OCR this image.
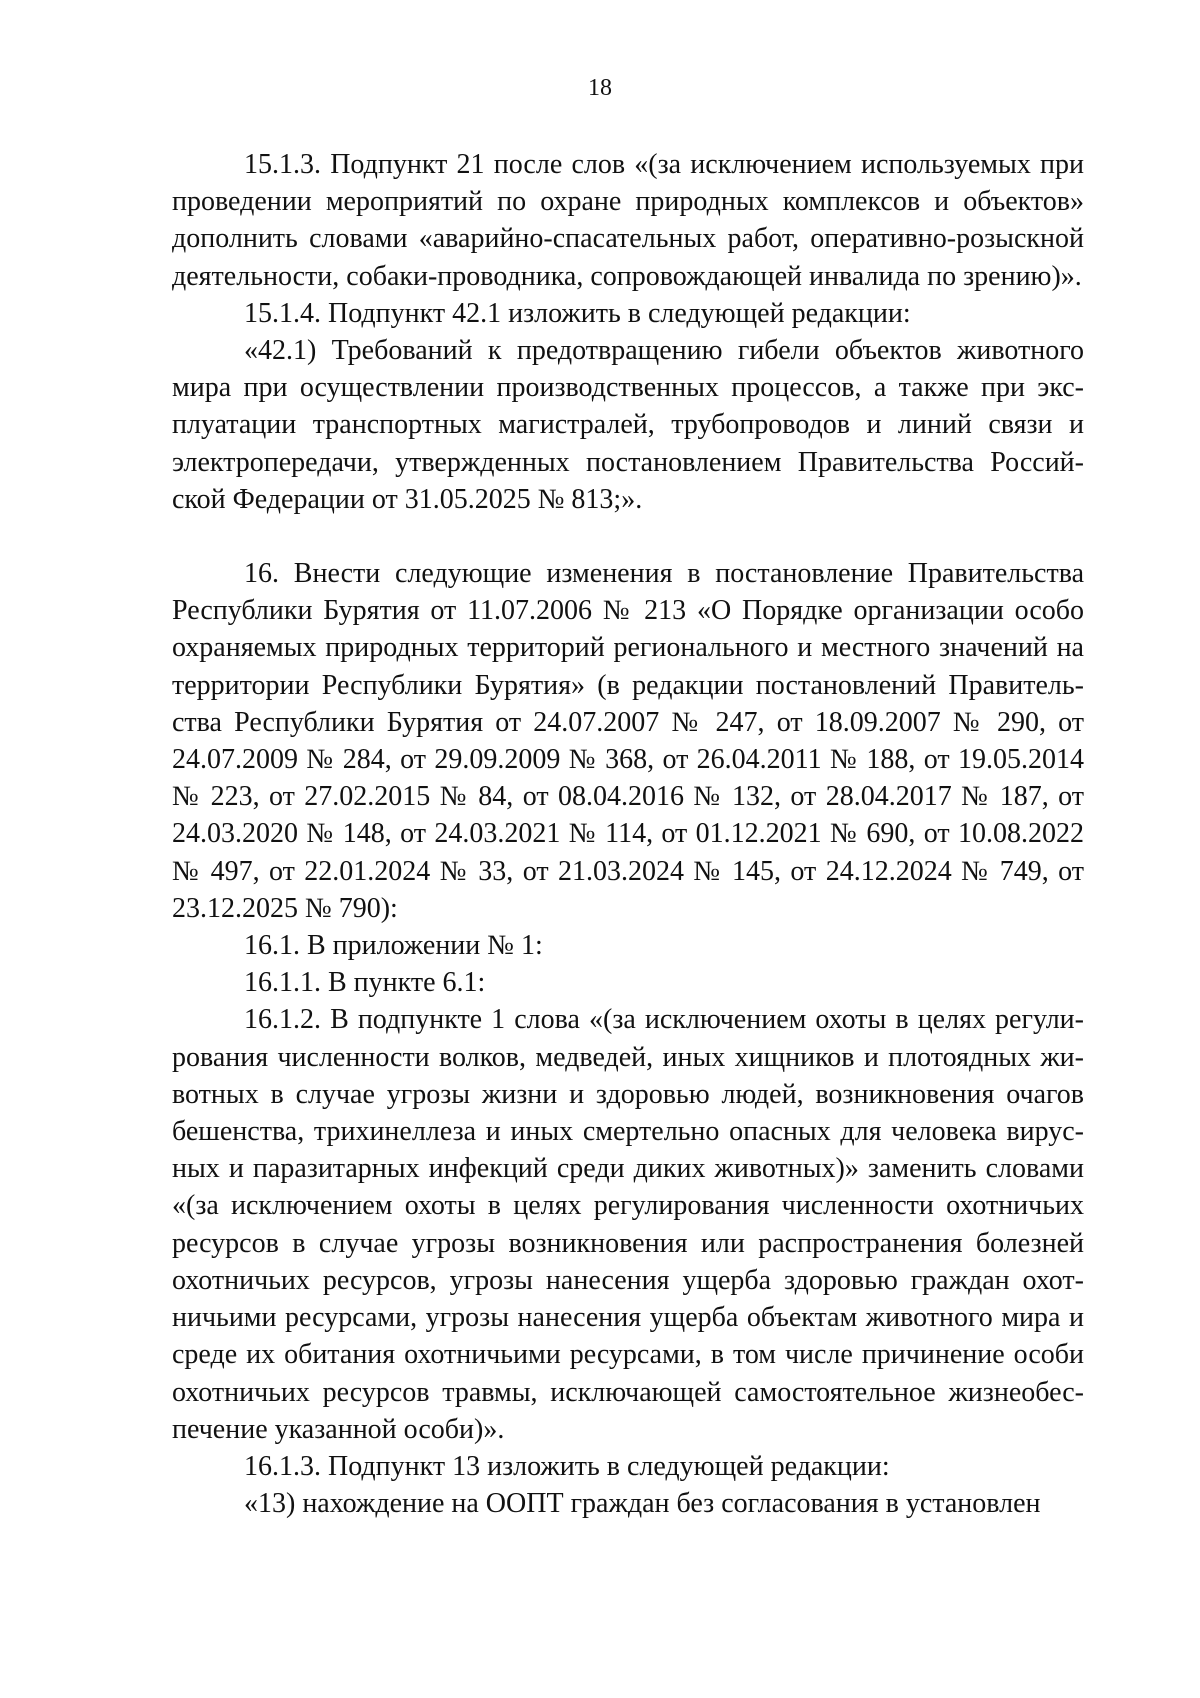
18

15.1.3. Подпункт 21 после слов «(за исключением используемых при проведении мероприятий по охране природных комплексов и объектов» дополнить словами «аварийно-спасательных работ, оперативно-розыскной деятельности, собаки-проводника, сопровождающей инвалида по зрению)».

15.1.4. Подпункт 42.1 изложить в следующей редакции:

«42.1) Требований к предотвращению гибели объектов животного мира при осуществлении производственных процессов, а также при эксплуатации транспортных магистралей, трубопроводов и линий связи и электропередачи, утвержденных постановлением Правительства Российской Федерации от 31.05.2025 № 813;».

16. Внести следующие изменения в постановление Правительства Республики Бурятия от 11.07.2006 № 213 «О Порядке организации особо охраняемых природных территорий регионального и местного значений на территории Республики Бурятия» (в редакции постановлений Правительства Республики Бурятия от 24.07.2007 № 247, от 18.09.2007 № 290, от 24.07.2009 № 284, от 29.09.2009 № 368, от 26.04.2011 № 188, от 19.05.2014 № 223, от 27.02.2015 № 84, от 08.04.2016 № 132, от 28.04.2017 № 187, от 24.03.2020 № 148, от 24.03.2021 № 114, от 01.12.2021 № 690, от 10.08.2022 № 497, от 22.01.2024 № 33, от 21.03.2024 № 145, от 24.12.2024 № 749, от 23.12.2025 № 790):

16.1. В приложении № 1:

16.1.1. В пункте 6.1:

16.1.2. В подпункте 1 слова «(за исключением охоты в целях регулирования численности волков, медведей, иных хищников и плотоядных животных в случае угрозы жизни и здоровью людей, возникновения очагов бешенства, трихинеллеза и иных смертельно опасных для человека вирусных и паразитарных инфекций среди диких животных)» заменить словами «(за исключением охоты в целях регулирования численности охотничьих ресурсов в случае угрозы возникновения или распространения болезней охотничьих ресурсов, угрозы нанесения ущерба здоровью граждан охотничьими ресурсами, угрозы нанесения ущерба объектам животного мира и среде их обитания охотничьими ресурсами, в том числе причинение особи охотничьих ресурсов травмы, исключающей самостоятельное жизнеобеспечение указанной особи)».

16.1.3. Подпункт 13 изложить в следующей редакции:

«13) нахождение на ООПТ граждан без согласования в установлен
